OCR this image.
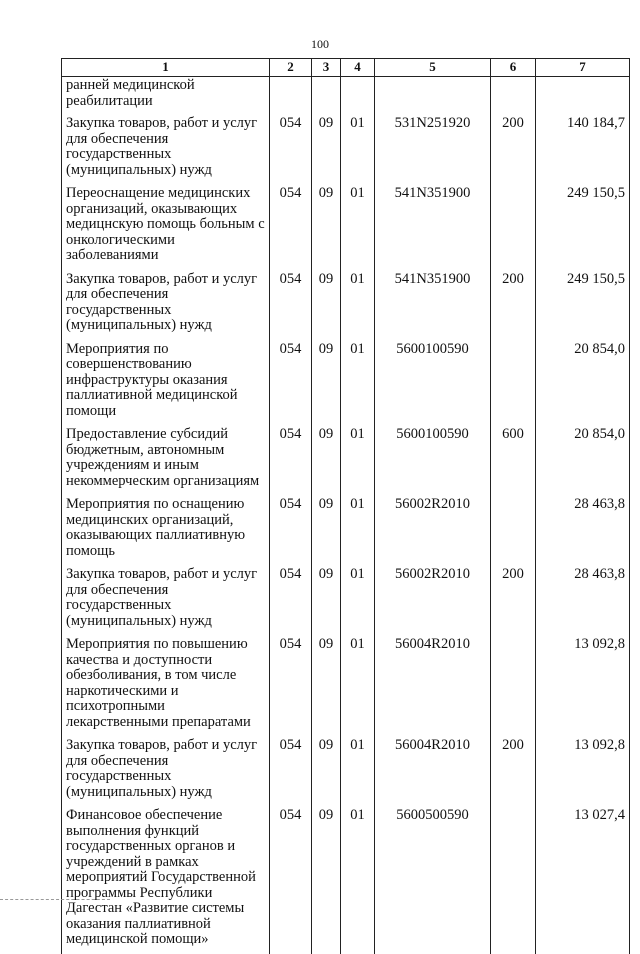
100
1	2	3	4	5	6	7
ранней медицинской реабилитации						
Закупка товаров, работ и услуг для обеспечения государственных (муниципальных) нужд	054	09	01	531N251920	200	140 184,7
Переоснащение медицинских организаций, оказывающих медицнскую помощь больным с онкологическими заболеваниями	054	09	01	541N351900		249 150,5
Закупка товаров, работ и услуг для обеспечения государственных (муниципальных) нужд	054	09	01	541N351900	200	249 150,5
Мероприятия по совершенствованию инфраструктуры оказания паллиативной медицинской помощи	054	09	01	5600100590		20 854,0
Предоставление субсидий бюджетным, автономным учреждениям и иным некоммерческим организациям	054	09	01	5600100590	600	20 854,0
Мероприятия по оснащению медицинских организаций, оказывающих паллиативную помощь	054	09	01	56002R2010		28 463,8
Закупка товаров, работ и услуг для обеспечения государственных (муниципальных) нужд	054	09	01	56002R2010	200	28 463,8
Мероприятия по повышению качества и доступности обезболивания, в том числе наркотическими и психотропными лекарственными препаратами	054	09	01	56004R2010		13 092,8
Закупка товаров, работ и услуг для обеспечения государственных (муниципальных) нужд	054	09	01	56004R2010	200	13 092,8
Финансовое обеспечение выполнения функций государственных органов и учреждений в рамках мероприятий Государственной программы Республики Дагестан «Развитие системы оказания паллиативной медицинской помощи»	054	09	01	5600500590		13 027,4
